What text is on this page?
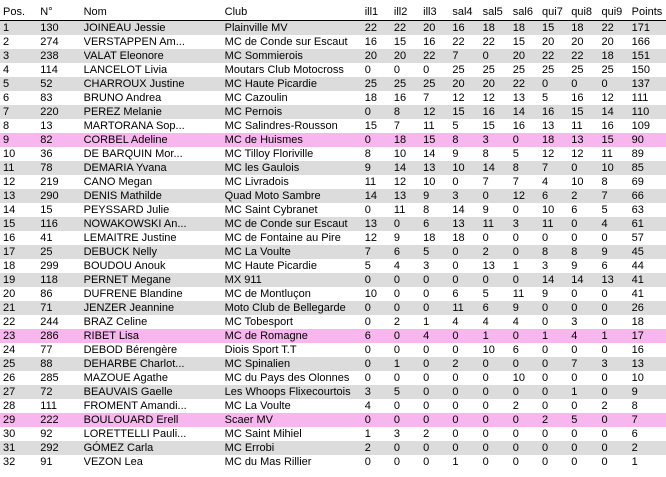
Pos.	N°	Nom	Club	ill1	ill2	ill3	sal4	sal5	sal6	qui7	qui8	qui9	Points
1	130	JOINEAU Jessie	Plainville MV	22	22	20	16	18	18	15	18	22	171
2	274	VERSTAPPEN Am...	MC de Conde sur Escaut	16	15	16	22	22	15	20	20	20	166
3	238	VALAT Eleonore	MC Sommierois	20	20	22	7	0	20	22	22	18	151
4	114	LANCELOT Livia	Moutars Club Motocross	0	0	0	25	25	25	25	25	25	150
5	52	CHARROUX Justine	MC Haute Picardie	25	25	25	20	20	22	0	0	0	137
6	83	BRUNO Andrea	MC Cazoulin	18	16	7	12	12	13	5	16	12	111
7	220	PEREZ Melanie	MC Pernois	0	8	12	15	16	14	16	15	14	110
8	13	MARTORANA Sop...	MC Salindres-Rousson	15	7	11	5	15	16	13	11	16	109
9	82	CORBEL Adeline	MC de Huismes	0	18	15	8	3	0	18	13	15	90
10	36	DE BARQUIN Mor...	MC Tilloy Floriville	8	10	14	9	8	5	12	12	11	89
11	78	DEMARIA Yvana	MC les Gaulois	9	14	13	10	14	8	7	0	10	85
12	219	CANO Megan	MC Livradois	11	12	10	0	7	7	4	10	8	69
13	290	DENIS Mathilde	Quad Moto Sambre	14	13	9	3	0	12	6	2	7	66
14	15	PEYSSARD Julie	MC Saint Cybranet	0	11	8	14	9	0	10	6	5	63
15	116	NOWAKOWSKI An...	MC de Conde sur Escaut	13	0	6	13	11	3	11	0	4	61
16	41	LEMAITRE Justine	MC de Fontaine au Pire	12	9	18	18	0	0	0	0	0	57
17	25	DEBUCK Nelly	MC La Voulte	7	6	5	0	2	0	8	8	9	45
18	299	BOUDOU Anouk	MC Haute Picardie	5	4	3	0	13	1	3	9	6	44
19	118	PERNET Megane	MX 911	0	0	0	0	0	0	14	14	13	41
20	86	DUFRENE Blandine	MC de Montluçon	10	0	0	6	5	11	9	0	0	41
21	71	JENZER Jeannine	Moto Club de Bellegarde	0	0	0	11	6	9	0	0	0	26
22	244	BRAZ Celine	MC Tobesport	0	2	1	4	4	4	0	3	0	18
23	286	RIBET Lisa	MC de Romagne	6	0	4	0	1	0	1	4	1	17
24	77	DEBOD Bérengère	Diois Sport T.T	0	0	0	0	10	6	0	0	0	16
25	88	DEHARBE Charlot...	MC Spinalien	0	1	0	2	0	0	0	7	3	13
26	285	MAZOUE Agathe	MC du Pays des Olonnes	0	0	0	0	0	10	0	0	0	10
27	72	BEAUVAIS Gaelle	Les Whoops Flixecourtois	3	5	0	0	0	0	0	1	0	9
28	111	FROMENT Amandi...	MC La Voulte	4	0	0	0	0	2	0	0	2	8
29	222	BOULOUARD Erell	Scaer MV	0	0	0	0	0	0	2	5	0	7
30	92	LORETTELLI Pauli...	MC Saint Mihiel	1	3	2	0	0	0	0	0	0	6
31	292	GÓMEZ Carla	MC Errobi	2	0	0	0	0	0	0	0	0	2
32	91	VEZON Lea	MC du Mas Rillier	0	0	0	1	0	0	0	0	0	1
